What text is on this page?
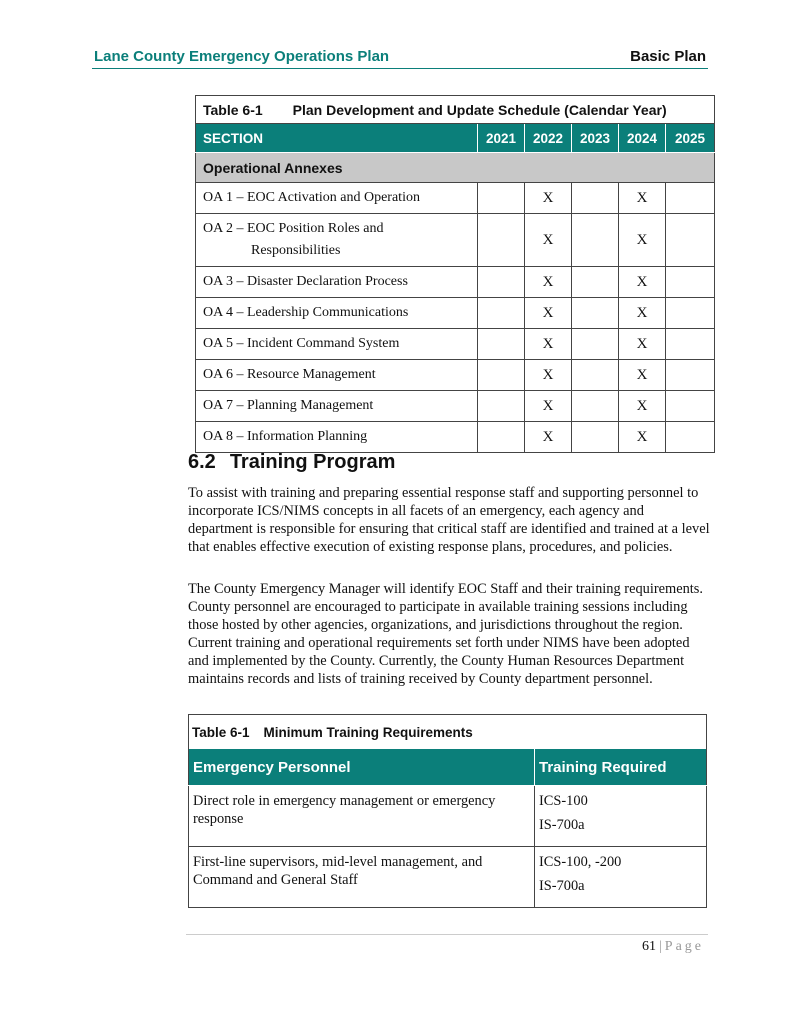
Lane County Emergency Operations Plan	Basic Plan
Table 6-1 Plan Development and Update Schedule (Calendar Year)					
SECTION	2021	2022	2023	2024	2025
Operational Annexes					
OA 1 – EOC Activation and Operation		X		X	
OA 2 – EOC Position Roles and
Responsibilities		X		X	
OA 3 – Disaster Declaration Process		X		X	
OA 4 – Leadership Communications		X		X	
OA 5 – Incident Command System		X		X	
OA 6 – Resource Management		X		X	
OA 7 – Planning Management		X		X	
OA 8 – Information Planning		X		X	
6.2 Training Program

To assist with training and preparing essential response staff and supporting personnel to incorporate ICS/NIMS concepts in all facets of an emergency, each agency and department is responsible for ensuring that critical staff are identified and trained at a level that enables effective execution of existing response plans, procedures, and policies.

The County Emergency Manager will identify EOC Staff and their training requirements. County personnel are encouraged to participate in available training sessions including those hosted by other agencies, organizations, and jurisdictions throughout the region. Current training and operational requirements set forth under NIMS have been adopted and implemented by the County. Currently, the County Human Resources Department maintains records and lists of training received by County department personnel.

Table 6-1 Minimum Training Requirements	
Emergency Personnel	Training Required
Direct role in emergency management or emergency response	ICS-100
IS-700a

First-line supervisors, mid-level management, and Command and General Staff	ICS-100, -200
IS-700a
61 | Page
